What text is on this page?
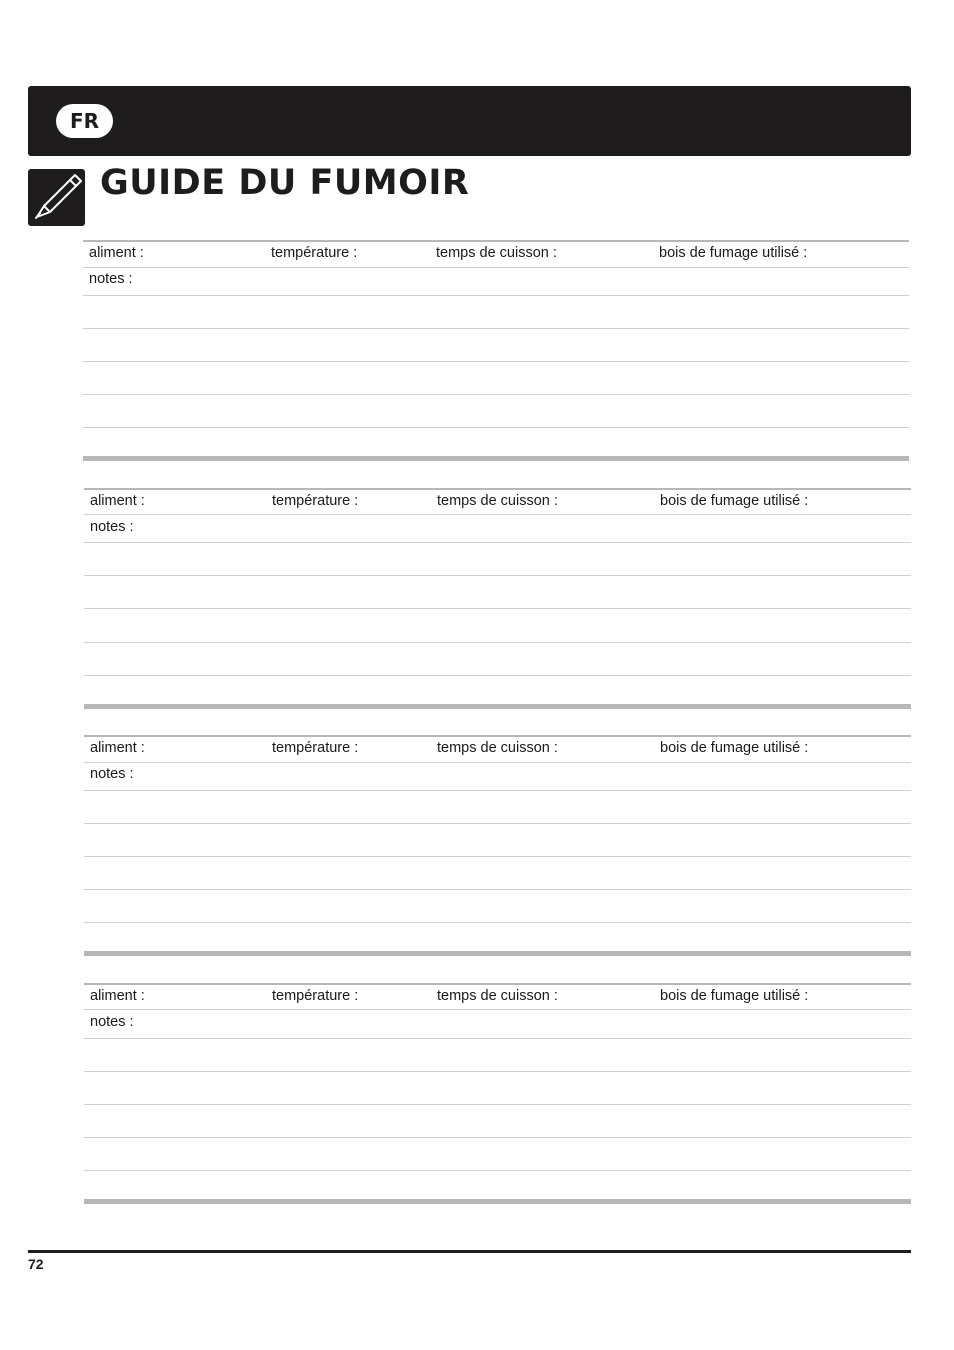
FR
GUIDE DU FUMOIR
aliment :	température :	temps de cuisson :	bois de fumage utilisé :
notes :
aliment :	température :	temps de cuisson :	bois de fumage utilisé :
notes :
aliment :	température :	temps de cuisson :	bois de fumage utilisé :
notes :
aliment :	température :	temps de cuisson :	bois de fumage utilisé :
notes :
72
